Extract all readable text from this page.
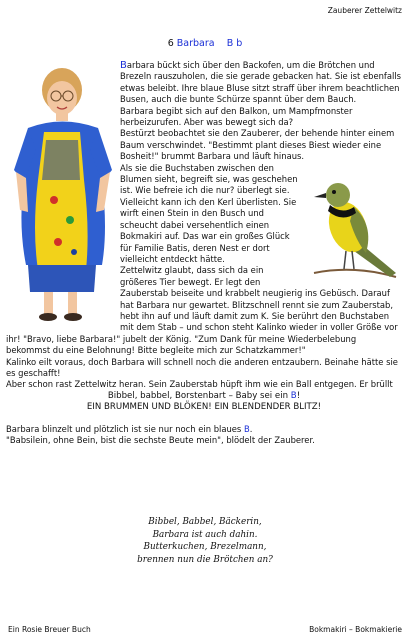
Zauberer Zettelwitz
6 Barbara B b

Barbara bückt sich über den Backofen, um die Brötchen und Brezeln rauszuholen, die sie gerade gebacken hat. Sie ist ebenfalls etwas beleibt. Ihre blaue Bluse sitzt straff über ihrem beachtlichen Busen, auch die bunte Schürze spannt über dem Bauch.

Barbara begibt sich auf den Balkon, um Mampfmonster herbeizurufen. Aber was bewegt sich da?

Bestürzt beobachtet sie den Zauberer, der behende hinter einem Baum verschwindet. "Bestimmt plant dieses Biest wieder eine Bosheit!" brummt Barbara und läuft hinaus.

Als sie die Buchstaben zwischen den Blumen sieht, begreift sie, was geschehen ist. Wie befreie ich die nur? überlegt sie. Vielleicht kann ich den Kerl überlisten. Sie wirft einen Stein in den Busch und scheucht dabei versehentlich einen Bokmakiri auf. Das war ein großes Glück für Familie Batis, deren Nest er dort vielleicht entdeckt hätte.

Zettelwitz glaubt, dass sich da ein größeres Tier bewegt. Er legt den Zauberstab beiseite und krabbelt neugierig ins Gebüsch. Darauf hat Barbara nur gewartet. Blitzschnell rennt sie zum Zauberstab, hebt ihn auf und läuft damit zum K. Sie berührt den Buchstaben mit dem Stab – und schon steht Kalinko wieder in voller Größe vor ihr! "Bravo, liebe Barbara!" jubelt der König. "Zum Dank für meine Wiederbelebung bekommst du eine Belohnung! Bitte begleite mich zur Schatzkammer!"

Kalinko eilt voraus, doch Barbara will schnell noch die anderen entzaubern. Beinahe hätte sie es geschafft!

Aber schon rast Zettelwitz heran. Sein Zauberstab hüpft ihm wie ein Ball entgegen. Er brüllt

Bibbel, babbel, Borstenbart – Baby sei ein B!
EIN BRUMMEN UND BLÖKEN! EIN BLENDENDER BLITZ!

Barbara blinzelt und plötzlich ist sie nur noch ein blaues B.

"Babsilein, ohne Bein, bist die sechste Beute mein", blödelt der Zauberer.

Bibbel, Babbel, Bäckerin,
Barbara ist auch dahin.
Butterkuchen, Brezelmann,
brennen nun die Brötchen an?
Ein Rosie Breuer Buch	Bokmakiri – Bokmakierie
